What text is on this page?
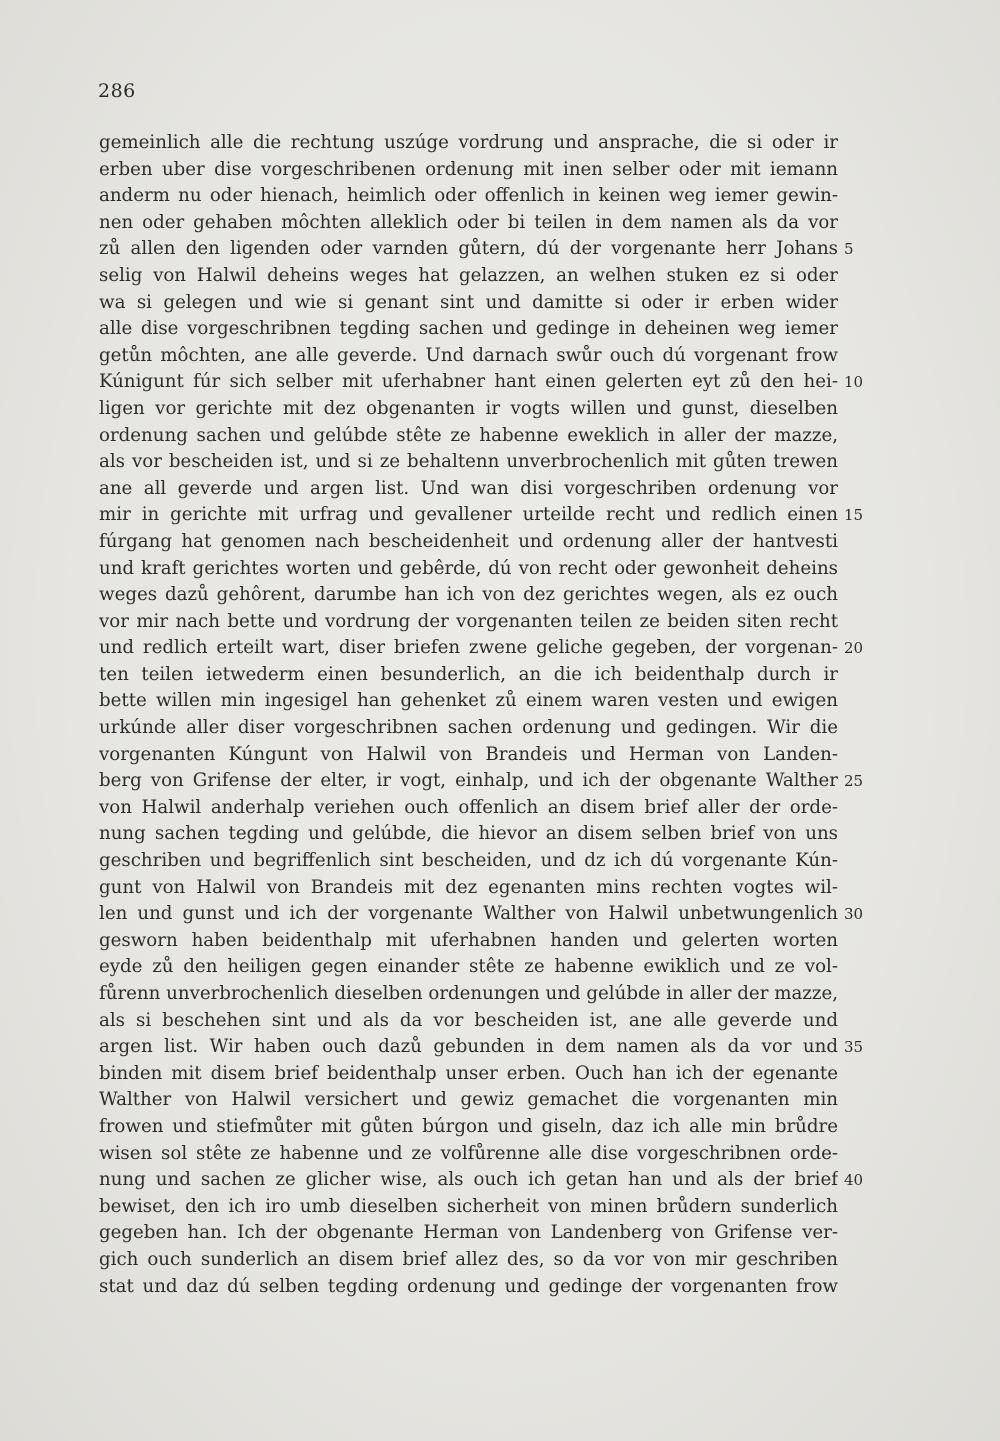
286
gemeinlich alle die rechtung uszúge vordrung und ansprache, die si oder ir
erben uber dise vorgeschribenen ordenung mit inen selber oder mit iemann
anderm nu oder hienach, heimlich oder offenlich in keinen weg iemer gewin-
nen oder gehaben môchten alleklich oder bi teilen in dem namen als da vor
zů allen den ligenden oder varnden gůtern, dú der vorgenante herr Johans 5
selig von Halwil deheins weges hat gelazzen, an welhen stuken ez si oder
wa si gelegen und wie si genant sint und damitte si oder ir erben wider
alle dise vorgeschribnen tegding sachen und gedinge in deheinen weg iemer
getůn môchten, ane alle geverde. Und darnach swůr ouch dú vorgenant frow
Kúnigunt fúr sich selber mit uferhabner hant einen gelerten eyt zů den hei- 10
ligen vor gerichte mit dez obgenanten ir vogts willen und gunst, dieselben
ordenung sachen und gelúbde stête ze habenne eweklich in aller der mazze,
als vor bescheiden ist, und si ze behaltenn unverbrochenlich mit gůten trewen
ane all geverde und argen list. Und wan disi vorgeschriben ordenung vor
mir in gerichte mit urfrag und gevallener urteilde recht und redlich einen 15
fúrgang hat genomen nach bescheidenheit und ordenung aller der hantvesti
und kraft gerichtes worten und gebêrde, dú von recht oder gewonheit deheins
weges dazů gehôrent, darumbe han ich von dez gerichtes wegen, als ez ouch
vor mir nach bette und vordrung der vorgenanten teilen ze beiden siten recht
und redlich erteilt wart, diser briefen zwene geliche gegeben, der vorgenan- 20
ten teilen ietwederm einen besunderlich, an die ich beidenthalp durch ir
bette willen min ingesigel han gehenket zů einem waren vesten und ewigen
urkúnde aller diser vorgeschribnen sachen ordenung und gedingen. Wir die
vorgenanten Kúngunt von Halwil von Brandeis und Herman von Landen-
berg von Grifense der elter, ir vogt, einhalp, und ich der obgenante Walther 25
von Halwil anderhalp veriehen ouch offenlich an disem brief aller der orde-
nung sachen tegding und gelúbde, die hievor an disem selben brief von uns
geschriben und begriffenlich sint bescheiden, und dz ich dú vorgenante Kún-
gunt von Halwil von Brandeis mit dez egenanten mins rechten vogtes wil-
len und gunst und ich der vorgenante Walther von Halwil unbetwungenlich 30
gesworn haben beidenthalp mit uferhabnen handen und gelerten worten
eyde zů den heiligen gegen einander stête ze habenne ewiklich und ze vol-
fůrenn unverbrochenlich dieselben ordenungen und gelúbde in aller der mazze,
als si beschehen sint und als da vor bescheiden ist, ane alle geverde und
argen list. Wir haben ouch dazů gebunden in dem namen als da vor und 35
binden mit disem brief beidenthalp unser erben. Ouch han ich der egenante
Walther von Halwil versichert und gewiz gemachet die vorgenanten min
frowen und stiefmůter mit gůten búrgon und giseln, daz ich alle min brůdre
wisen sol stête ze habenne und ze volfůrenne alle dise vorgeschribnen orde-
nung und sachen ze glicher wise, als ouch ich getan han und als der brief 40
bewiset, den ich iro umb dieselben sicherheit von minen brůdern sunderlich
gegeben han. Ich der obgenante Herman von Landenberg von Grifense ver-
gich ouch sunderlich an disem brief allez des, so da vor von mir geschriben
stat und daz dú selben tegding ordenung und gedinge der vorgenanten frow
